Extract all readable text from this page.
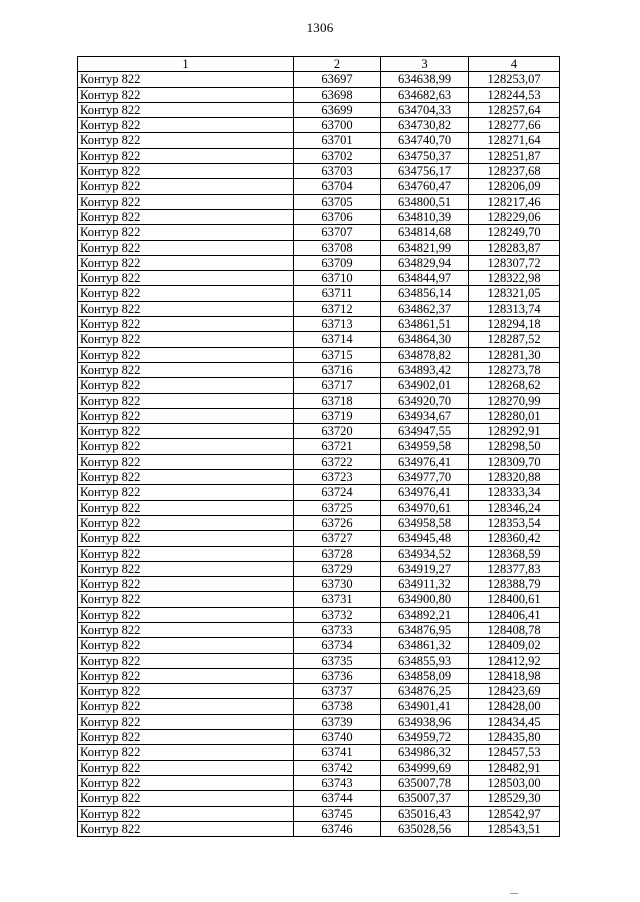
1306
1	2	3	4
Контур 822	63697	634638,99	128253,07
Контур 822	63698	634682,63	128244,53
Контур 822	63699	634704,33	128257,64
Контур 822	63700	634730,82	128277,66
Контур 822	63701	634740,70	128271,64
Контур 822	63702	634750,37	128251,87
Контур 822	63703	634756,17	128237,68
Контур 822	63704	634760,47	128206,09
Контур 822	63705	634800,51	128217,46
Контур 822	63706	634810,39	128229,06
Контур 822	63707	634814,68	128249,70
Контур 822	63708	634821,99	128283,87
Контур 822	63709	634829,94	128307,72
Контур 822	63710	634844,97	128322,98
Контур 822	63711	634856,14	128321,05
Контур 822	63712	634862,37	128313,74
Контур 822	63713	634861,51	128294,18
Контур 822	63714	634864,30	128287,52
Контур 822	63715	634878,82	128281,30
Контур 822	63716	634893,42	128273,78
Контур 822	63717	634902,01	128268,62
Контур 822	63718	634920,70	128270,99
Контур 822	63719	634934,67	128280,01
Контур 822	63720	634947,55	128292,91
Контур 822	63721	634959,58	128298,50
Контур 822	63722	634976,41	128309,70
Контур 822	63723	634977,70	128320,88
Контур 822	63724	634976,41	128333,34
Контур 822	63725	634970,61	128346,24
Контур 822	63726	634958,58	128353,54
Контур 822	63727	634945,48	128360,42
Контур 822	63728	634934,52	128368,59
Контур 822	63729	634919,27	128377,83
Контур 822	63730	634911,32	128388,79
Контур 822	63731	634900,80	128400,61
Контур 822	63732	634892,21	128406,41
Контур 822	63733	634876,95	128408,78
Контур 822	63734	634861,32	128409,02
Контур 822	63735	634855,93	128412,92
Контур 822	63736	634858,09	128418,98
Контур 822	63737	634876,25	128423,69
Контур 822	63738	634901,41	128428,00
Контур 822	63739	634938,96	128434,45
Контур 822	63740	634959,72	128435,80
Контур 822	63741	634986,32	128457,53
Контур 822	63742	634999,69	128482,91
Контур 822	63743	635007,78	128503,00
Контур 822	63744	635007,37	128529,30
Контур 822	63745	635016,43	128542,97
Контур 822	63746	635028,56	128543,51
